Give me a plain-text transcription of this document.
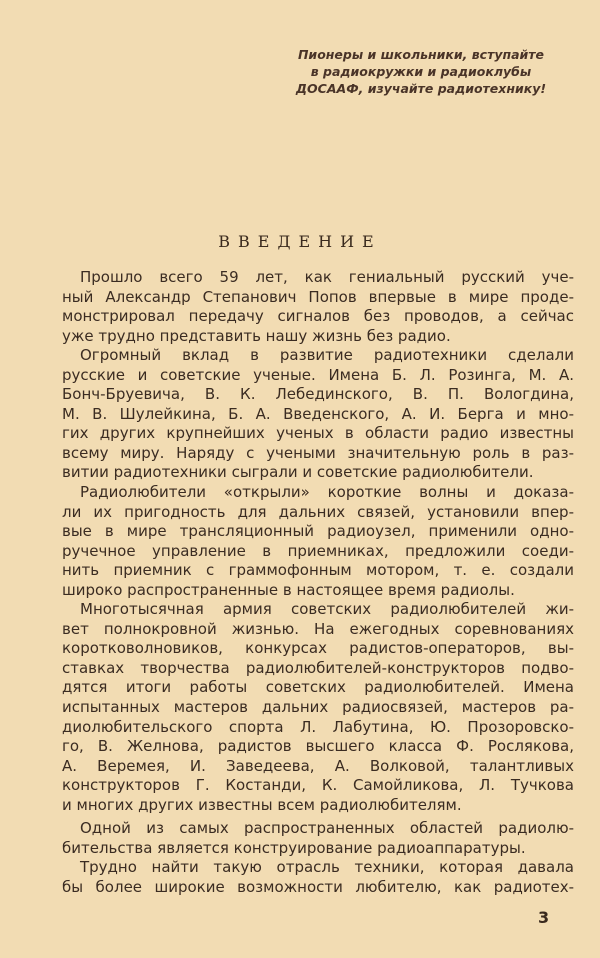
Пионеры и школьники, вступайте
в радиокружки и радиоклубы
ДОСААФ, изучайте радиотехнику!
ВВЕДЕНИЕ
Прошло всего 59 лет, как гениальный русский уче-
ный Александр Степанович Попов впервые в мире проде-
монстрировал передачу сигналов без проводов, а сейчас
уже трудно представить нашу жизнь без радио.
Огромный вклад в развитие радиотехники сделали
русские и советские ученые. Имена Б. Л. Розинга, М. А.
Бонч-Бруевича, В. К. Лебединского, В. П. Вологдина,
М. В. Шулейкина, Б. А. Введенского, А. И. Берга и мно-
гих других крупнейших ученых в области радио известны
всему миру. Наряду с учеными значительную роль в раз-
витии радиотехники сыграли и советские радиолюбители.
Радиолюбители «открыли» короткие волны и доказа-
ли их пригодность для дальних связей, установили впер-
вые в мире трансляционный радиоузел, применили одно-
ручечное управление в приемниках, предложили соеди-
нить приемник с граммофонным мотором, т. е. создали
широко распространенные в настоящее время радиолы.
Многотысячная армия советских радиолюбителей жи-
вет полнокровной жизнью. На ежегодных соревнованиях
коротковолновиков, конкурсах радистов-операторов, вы-
ставках творчества радиолюбителей-конструкторов подво-
дятся итоги работы советских радиолюбителей. Имена
испытанных мастеров дальних радиосвязей, мастеров ра-
диолюбительского спорта Л. Лабутина, Ю. Прозоровско-
го, В. Желнова, радистов высшего класса Ф. Рослякова,
А. Веремея, И. Заведеева, А. Волковой, талантливых
конструкторов Г. Костанди, К. Самойликова, Л. Тучкова
и многих других известны всем радиолюбителям.
Одной из самых распространенных областей радиолю-
бительства является конструирование радиоаппаратуры.
Трудно найти такую отрасль техники, которая давала
бы более широкие возможности любителю, как радиотех-
3
